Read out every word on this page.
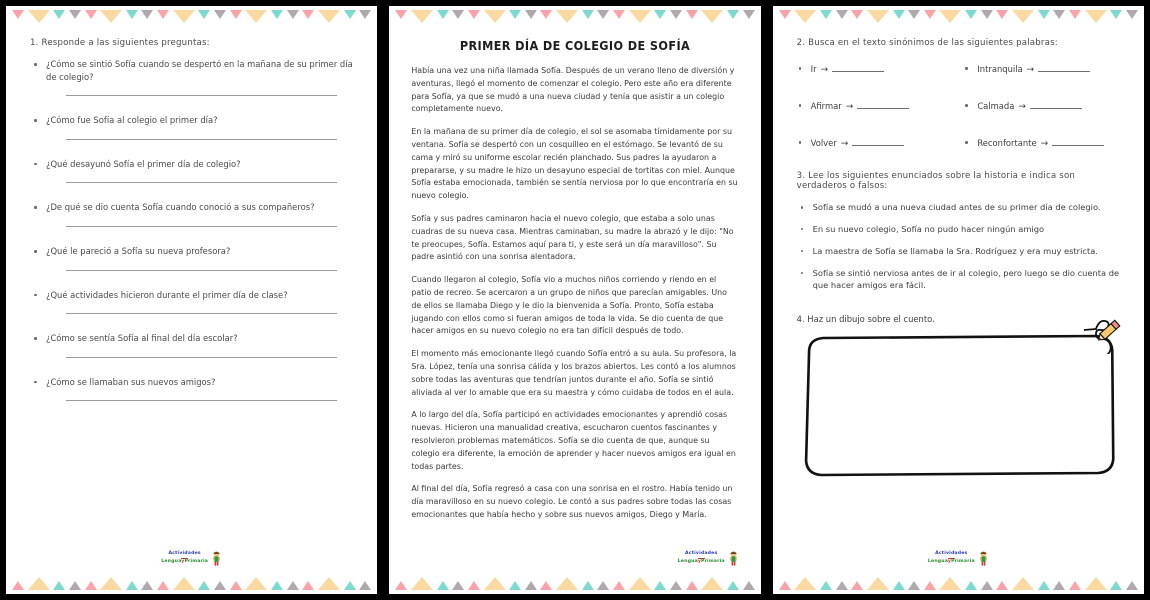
1. Responde a las siguientes preguntas:
¿Cómo se sintió Sofía cuando se despertó en la mañana de su primer día de colegio?
¿Cómo fue Sofía al colegio el primer día?
¿Qué desayunó Sofía el primer día de colegio?
¿De qué se dio cuenta Sofía cuando conoció a sus compañeros?
¿Qué le pareció a Sofía su nueva profesora?
¿Qué actividades hicieron durante el primer día de clase?
¿Cómo se sentía Sofía al final del día escolar?
¿Cómo se llamaban sus nuevos amigos?
Actividades
LenguayPrimaria
PRIMER DÍA DE COLEGIO DE SOFÍA

Había una vez una niña llamada Sofía. Después de un verano lleno de diversión y aventuras, llegó el momento de comenzar el colegio. Pero este año era diferente para Sofía, ya que se mudó a una nueva ciudad y tenía que asistir a un colegio completamente nuevo.

En la mañana de su primer día de colegio, el sol se asomaba tímidamente por su ventana. Sofía se despertó con un cosquilleo en el estómago. Se levantó de su cama y miró su uniforme escolar recién planchado. Sus padres la ayudaron a prepararse, y su madre le hizo un desayuno especial de tortitas con miel. Aunque Sofía estaba emocionada, también se sentía nerviosa por lo que encontraría en su nuevo colegio.

Sofía y sus padres caminaron hacia el nuevo colegio, que estaba a solo unas cuadras de su nueva casa. Mientras caminaban, su madre la abrazó y le dijo: "No te preocupes, Sofía. Estamos aquí para ti, y este será un día maravilloso". Su padre asintió con una sonrisa alentadora.

Cuando llegaron al colegio, Sofía vio a muchos niños corriendo y riendo en el patio de recreo. Se acercaron a un grupo de niños que parecían amigables. Uno de ellos se llamaba Diego y le dio la bienvenida a Sofía. Pronto, Sofía estaba jugando con ellos como si fueran amigos de toda la vida. Se dio cuenta de que hacer amigos en su nuevo colegio no era tan difícil después de todo.

El momento más emocionante llegó cuando Sofía entró a su aula. Su profesora, la Sra. López, tenía una sonrisa cálida y los brazos abiertos. Les contó a los alumnos sobre todas las aventuras que tendrían juntos durante el año. Sofía se sintió aliviada al ver lo amable que era su maestra y cómo cuidaba de todos en el aula.

A lo largo del día, Sofía participó en actividades emocionantes y aprendió cosas nuevas. Hicieron una manualidad creativa, escucharon cuentos fascinantes y resolvieron problemas matemáticos. Sofía se dio cuenta de que, aunque su colegio era diferente, la emoción de aprender y hacer nuevos amigos era igual en todas partes.

Al final del día, Sofía regresó a casa con una sonrisa en el rostro. Había tenido un día maravilloso en su nuevo colegio. Le contó a sus padres sobre todas las cosas emocionantes que había hecho y sobre sus nuevos amigos, Diego y María.

Actividades
LenguayPrimaria
2. Busca en el texto sinónimos de las siguientes palabras:
Ir →	Intranquila →
Afirmar →	Calmada →
Volver →	Reconfortante →
3. Lee los siguientes enunciados sobre la historia e indica son verdaderos o falsos:
Sofía se mudó a una nueva ciudad antes de su primer día de colegio.
En su nuevo colegio, Sofía no pudo hacer ningún amigo
La maestra de Sofía se llamaba la Sra. Rodríguez y era muy estricta.
Sofía se sintió nerviosa antes de ir al colegio, pero luego se dio cuenta de que hacer amigos era fácil.
4. Haz un dibujo sobre el cuento.
Actividades
LenguayPrimaria
